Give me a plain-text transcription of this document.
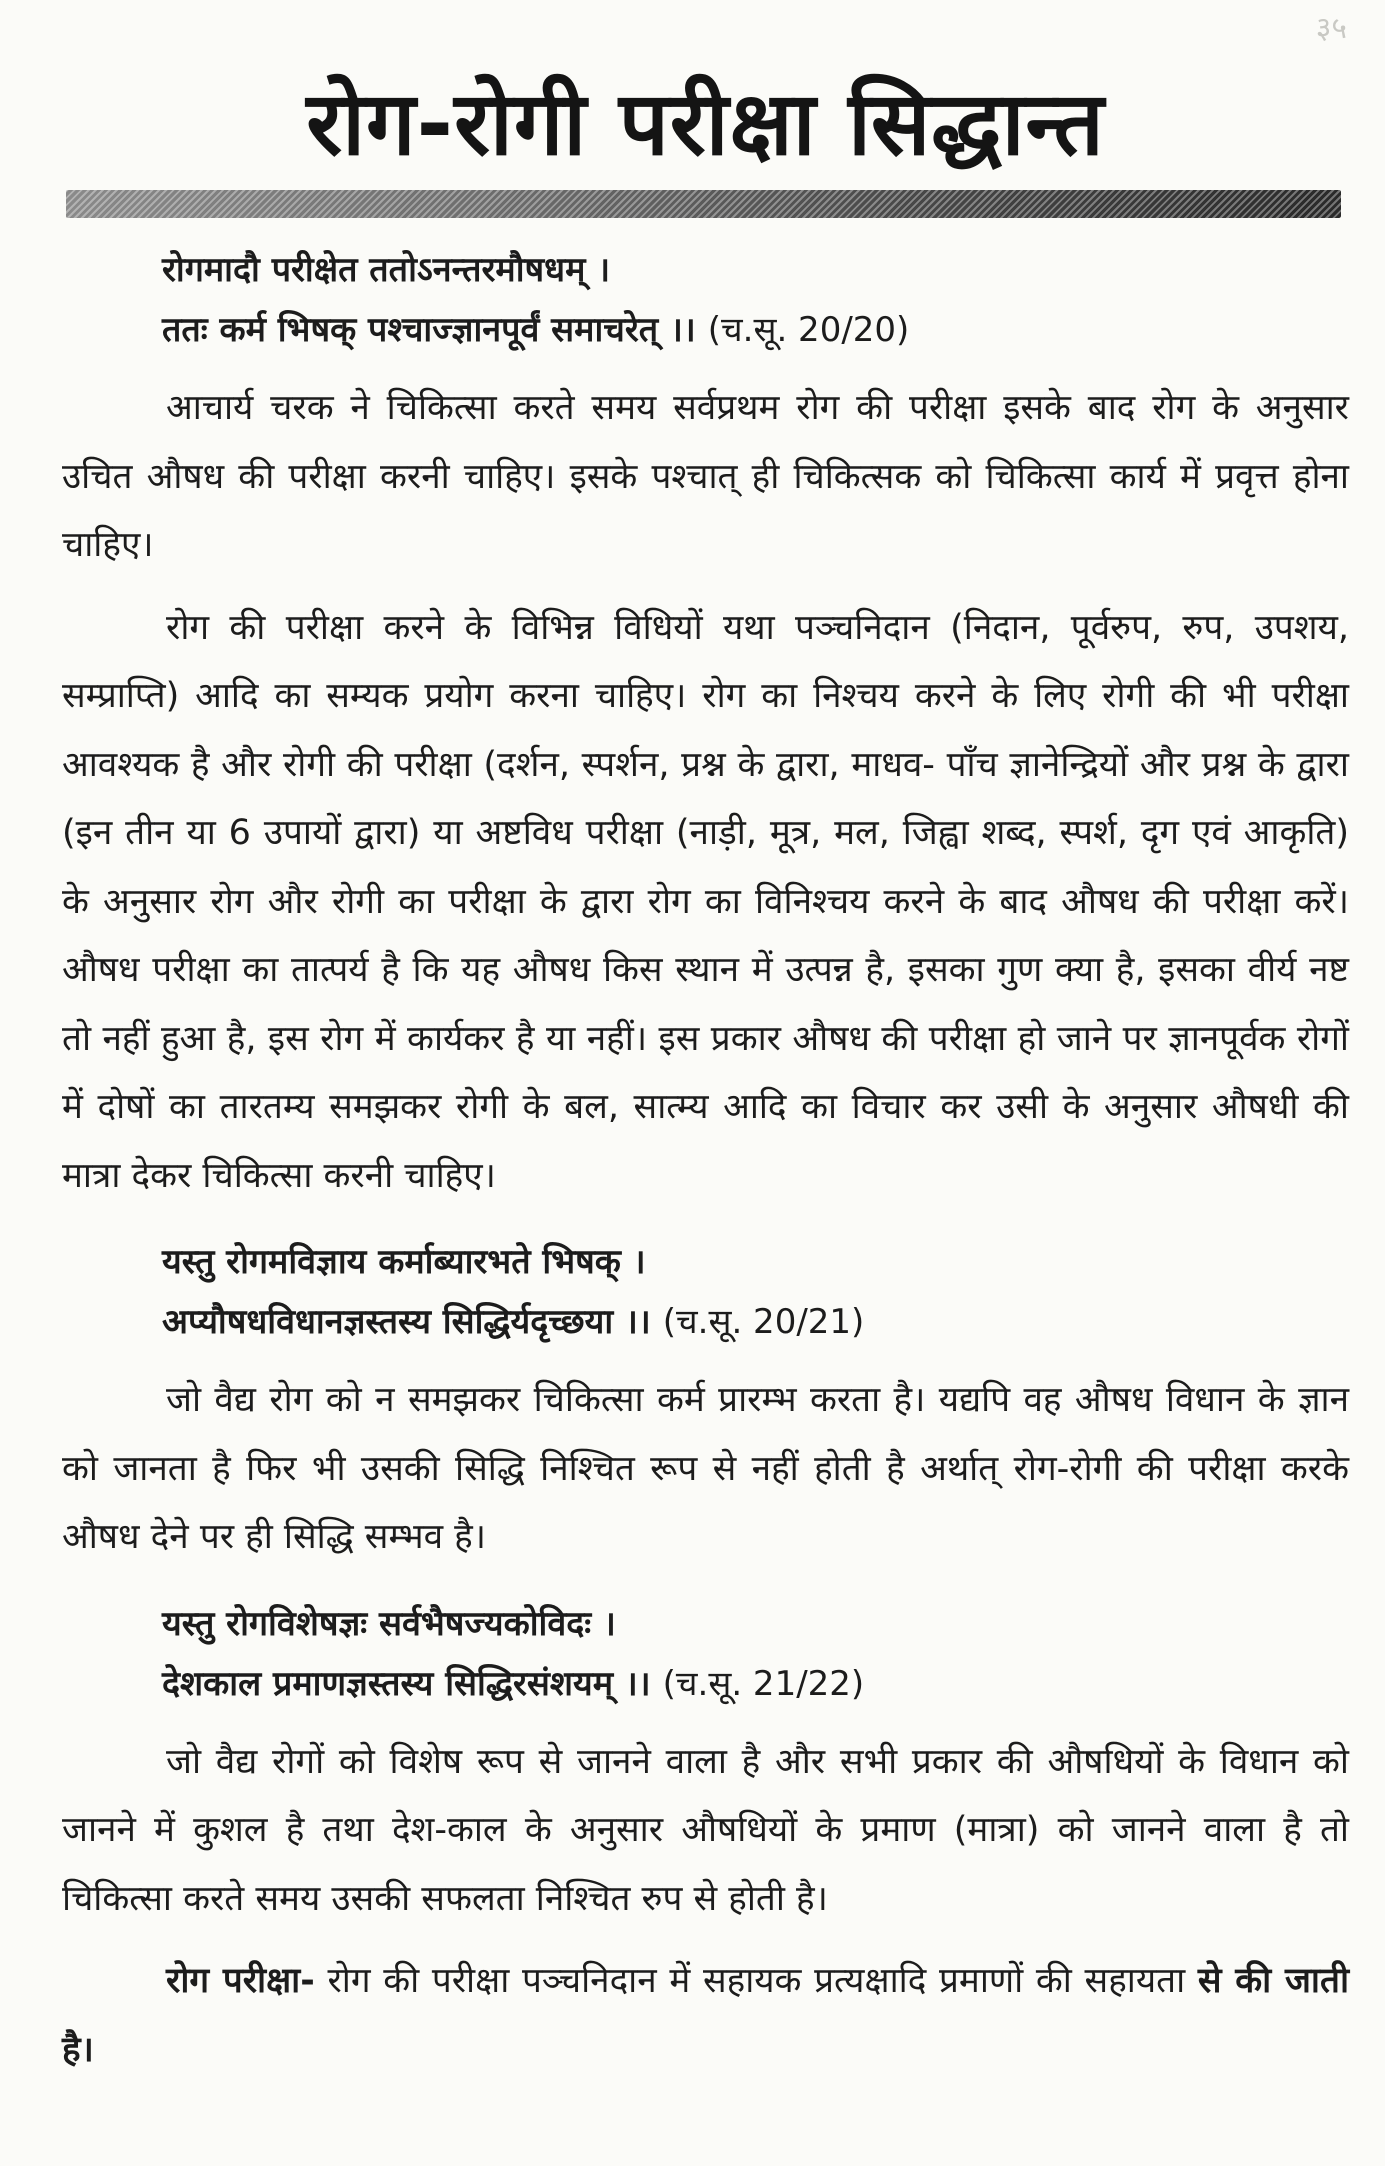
३५
रोग-रोगी परीक्षा सिद्धान्त
रोगमादौ परीक्षेत ततोऽनन्तरमौषधम् ।
ततः कर्म भिषक् पश्चाज्ज्ञानपूर्वं समाचरेत् ।। (च.सू. 20/20)

आचार्य चरक ने चिकित्सा करते समय सर्वप्रथम रोग की परीक्षा इसके बाद रोग के अनुसार उचित औषध की परीक्षा करनी चाहिए। इसके पश्चात् ही चिकित्सक को चिकित्सा कार्य में प्रवृत्त होना चाहिए।

रोग की परीक्षा करने के विभिन्न विधियों यथा पञ्चनिदान (निदान, पूर्वरुप, रुप, उपशय, सम्प्राप्ति) आदि का सम्यक प्रयोग करना चाहिए। रोग का निश्चय करने के लिए रोगी की भी परीक्षा आवश्यक है और रोगी की परीक्षा (दर्शन, स्पर्शन, प्रश्न के द्वारा, माधव- पाँच ज्ञानेन्द्रियों और प्रश्न के द्वारा (इन तीन या 6 उपायों द्वारा) या अष्टविध परीक्षा (नाड़ी, मूत्र, मल, जिह्वा शब्द, स्पर्श, दृग एवं आकृति) के अनुसार रोग और रोगी का परीक्षा के द्वारा रोग का विनिश्चय करने के बाद औषध की परीक्षा करें। औषध परीक्षा का तात्पर्य है कि यह औषध किस स्थान में उत्पन्न है, इसका गुण क्या है, इसका वीर्य नष्ट तो नहीं हुआ है, इस रोग में कार्यकर है या नहीं। इस प्रकार औषध की परीक्षा हो जाने पर ज्ञानपूर्वक रोगों में दोषों का तारतम्य समझकर रोगी के बल, सात्म्य आदि का विचार कर उसी के अनुसार औषधी की मात्रा देकर चिकित्सा करनी चाहिए।

यस्तु रोगमविज्ञाय कर्माब्यारभते भिषक् ।
अप्यौषधविधानज्ञस्तस्य सिद्धिर्यदृच्छया ।। (च.सू. 20/21)

जो वैद्य रोग को न समझकर चिकित्सा कर्म प्रारम्भ करता है। यद्यपि वह औषध विधान के ज्ञान को जानता है फिर भी उसकी सिद्धि निश्चित रूप से नहीं होती है अर्थात् रोग-रोगी की परीक्षा करके औषध देने पर ही सिद्धि सम्भव है।

यस्तु रोगविशेषज्ञः सर्वभैषज्यकोविदः ।
देशकाल प्रमाणज्ञस्तस्य सिद्धिरसंशयम् ।। (च.सू. 21/22)

जो वैद्य रोगों को विशेष रूप से जानने वाला है और सभी प्रकार की औषधियों के विधान को जानने में कुशल है तथा देश-काल के अनुसार औषधियों के प्रमाण (मात्रा) को जानने वाला है तो चिकित्सा करते समय उसकी सफलता निश्चित रुप से होती है।

रोग परीक्षा- रोग की परीक्षा पञ्चनिदान में सहायक प्रत्यक्षादि प्रमाणों की सहायता से की जाती है।
